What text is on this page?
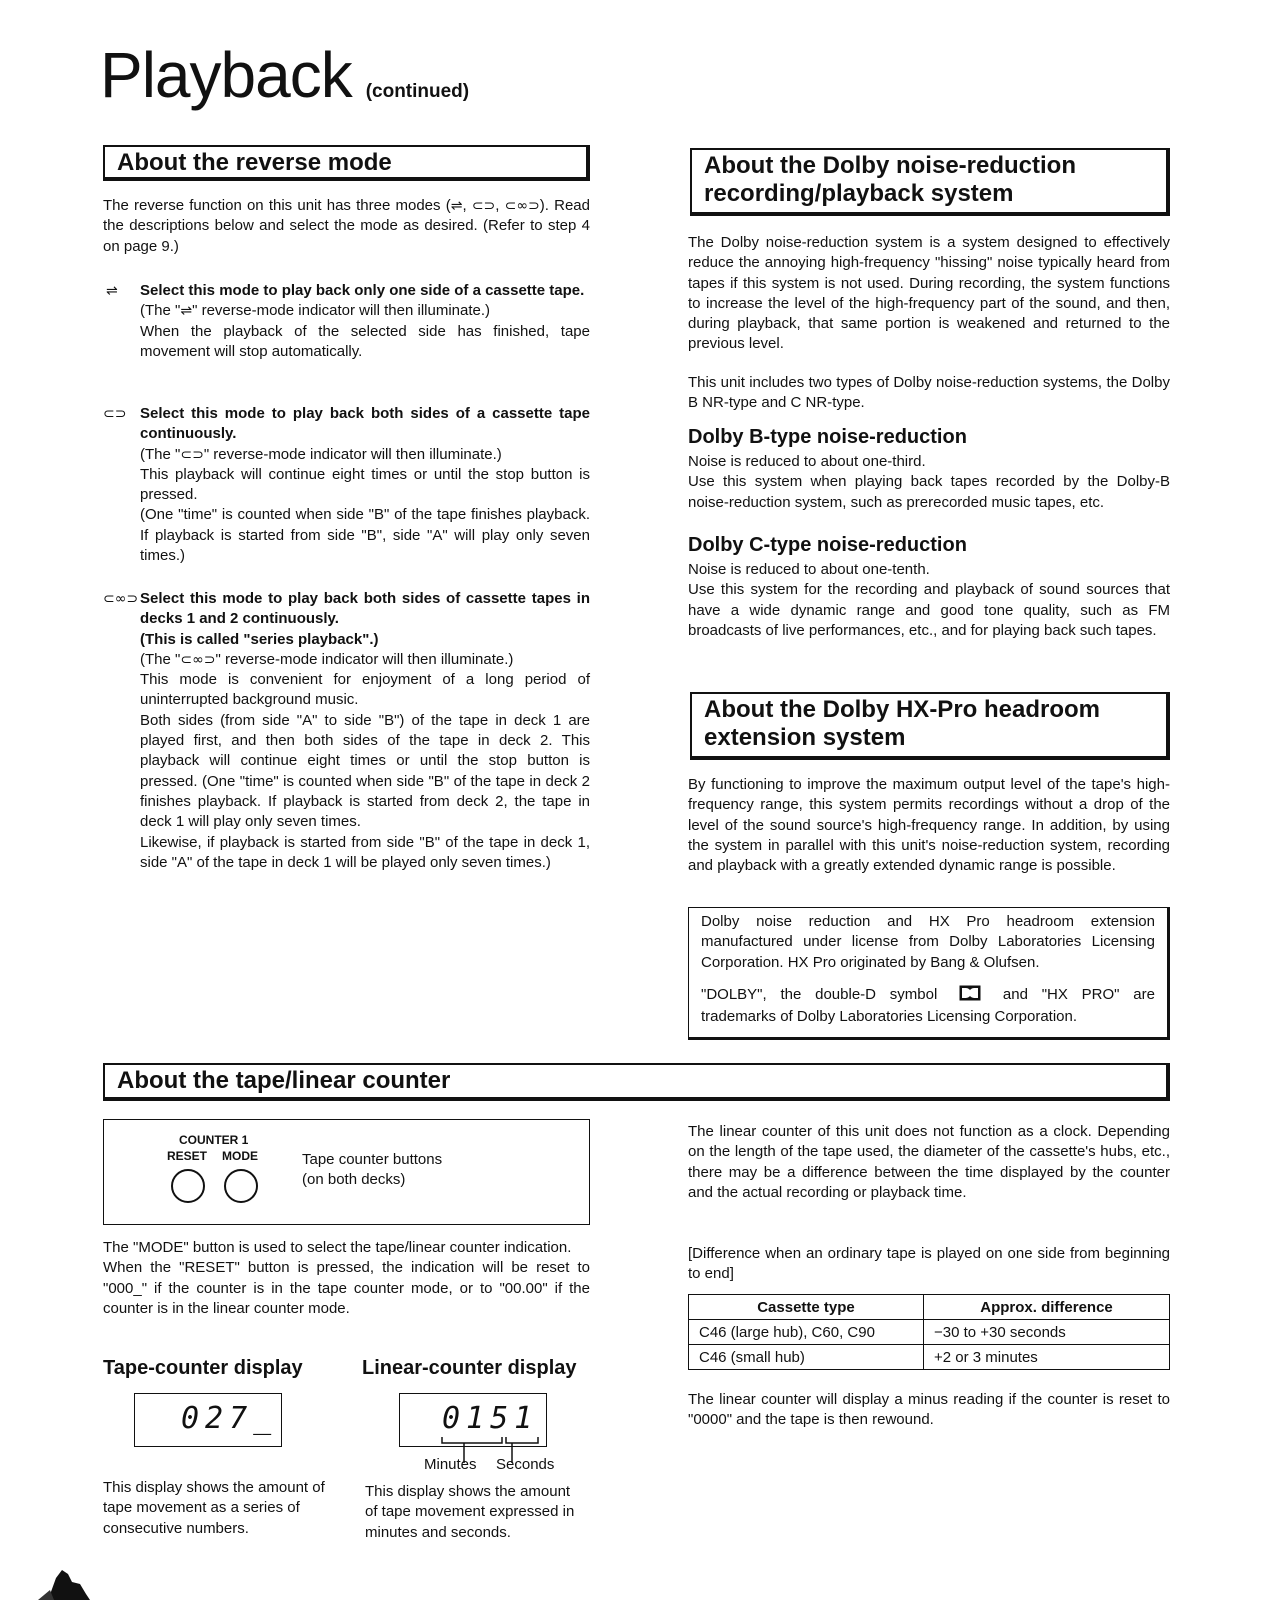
Playback (continued)
About the reverse mode
The reverse function on this unit has three modes (⇌, ⊂⊃, ⊂∞⊃). Read the descriptions below and select the mode as desired. (Refer to step 4 on page 9.)
⇌	Select this mode to play back only one side of a cassette tape.
(The "⇌" reverse-mode indicator will then illuminate.)
When the playback of the selected side has finished, tape movement will stop automatically.
⊂⊃ Select this mode to play back both sides of a cassette tape continuously.
(The "⊂⊃" reverse-mode indicator will then illuminate.)
This playback will continue eight times or until the stop button is pressed.
(One "time" is counted when side "B" of the tape finishes playback. If playback is started from side "B", side "A" will play only seven times.)
⊂∞⊃ Select this mode to play back both sides of cassette tapes in decks 1 and 2 continuously.
(This is called "series playback".)
(The "⊂∞⊃" reverse-mode indicator will then illuminate.)
This mode is convenient for enjoyment of a long period of uninterrupted background music.
Both sides (from side "A" to side "B") of the tape in deck 1 are played first, and then both sides of the tape in deck 2. This playback will continue eight times or until the stop button is pressed. (One "time" is counted when side "B" of the tape in deck 2 finishes playback. If playback is started from deck 2, the tape in deck 1 will play only seven times.
Likewise, if playback is started from side "B" of the tape in deck 1, side "A" of the tape in deck 1 will be played only seven times.)
About the Dolby noise-reduction
recording/playback system
The Dolby noise-reduction system is a system designed to effectively reduce the annoying high-frequency "hissing" noise typically heard from tapes if this system is not used. During recording, the system functions to increase the level of the high-frequency part of the sound, and then, during playback, that same portion is weakened and returned to the previous level.
This unit includes two types of Dolby noise-reduction systems, the Dolby B NR-type and C NR-type.
Dolby B-type noise-reduction

Noise is reduced to about one-third.

Use this system when playing back tapes recorded by the Dolby-B noise-reduction system, such as prerecorded music tapes, etc.

Dolby C-type noise-reduction

Noise is reduced to about one-tenth.

Use this system for the recording and playback of sound sources that have a wide dynamic range and good tone quality, such as FM broadcasts of live performances, etc., and for playing back such tapes.

About the Dolby HX-Pro headroom
extension system
By functioning to improve the maximum output level of the tape's high-frequency range, this system permits recordings without a drop of the level of the sound source's high-frequency range. In addition, by using the system in parallel with this unit's noise-reduction system, recording and playback with a greatly extended dynamic range is possible.

Dolby noise reduction and HX Pro headroom extension manufactured under license from Dolby Laboratories Licensing Corporation. HX Pro originated by Bang & Olufsen.

"DOLBY", the double-D symbol	and "HX PRO" are trademarks of Dolby Laboratories Licensing Corporation.

About the tape/linear counter
COUNTER 1
RESET MODE	Tape counter buttons

(on both decks)

The "MODE" button is used to select the tape/linear counter indication.

When the "RESET" button is pressed, the indication will be reset to "000_" if the counter is in the tape counter mode, or to "00.00" if the counter is in the linear counter mode.

Tape-counter display
027_
This display shows the amount of tape movement as a series of consecutive numbers.
Linear-counter display
0151
Minutes Seconds
This display shows the amount of tape movement expressed in minutes and seconds.
The linear counter of this unit does not function as a clock. Depending on the length of the tape used, the diameter of the cassette's hubs, etc., there may be a difference between the time displayed by the counter and the actual recording or playback time.
[Difference when an ordinary tape is played on one side from beginning to end]
Cassette type	Approx. difference
C46 (large hub), C60, C90	−30 to +30 seconds
C46 (small hub)	+2 or 3 minutes
The linear counter will display a minus reading if the counter is reset to "0000" and the tape is then rewound.
